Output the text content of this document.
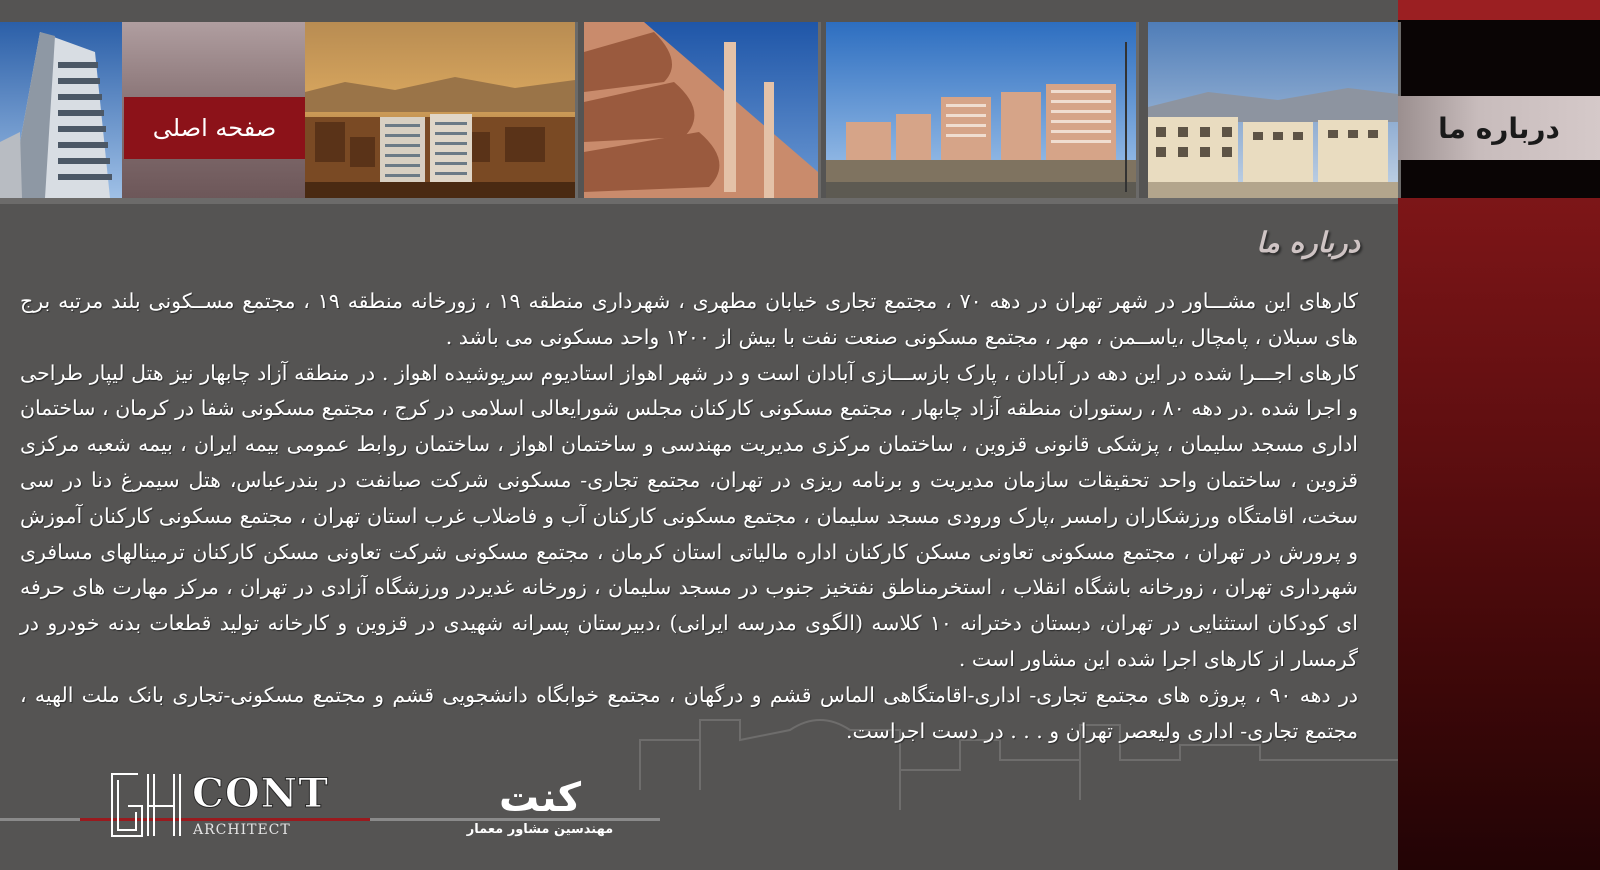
صفحه اصلی	درباره ما
درباره ما

کارهای این مشـــاور در شهر تهران در دهه ۷۰ ، مجتمع تجاری خیابان مطهری ، شهرداری منطقه ۱۹ ، زورخانه منطقه ۱۹ ، مجتمع مســکونی بلند مرتبه برج های سبلان ، پامچال ،یاســمن ، مهر ، مجتمع مسکونی صنعت نفت با بیش از ۱۲۰۰ واحد مسکونی می باشد .

کارهای اجـــرا شده در این دهه در آبادان ، پارک بازســـازی آبادان است و در شهر اهواز استادیوم سرپوشیده اهواز . در منطقه آزاد چابهار نیز هتل لیپار طراحی و اجرا شده .در دهه ۸۰ ، رستوران منطقه آزاد چابهار ، مجتمع مسکونی کارکنان مجلس شورایعالی اسلامی در کرج ، مجتمع مسکونی شفا در کرمان ، ساختمان اداری مسجد سلیمان ، پزشکی قانونی قزوین ، ساختمان مرکزی مدیریت مهندسی و ساختمان اهواز ، ساختمان روابط عمومی بیمه ایران ، بیمه شعبه مرکزی قزوین ، ساختمان واحد تحقیقات سازمان مدیریت و برنامه ریزی در تهران، مجتمع تجاری- مسکونی شرکت صبانفت در بندرعباس، هتل سیمرغ دنا در سی سخت، اقامتگاه ورزشکاران رامسر ،پارک ورودی مسجد سلیمان ، مجتمع مسکونی کارکنان آب و فاضلاب غرب استان تهران ، مجتمع مسکونی کارکنان آموزش و پرورش در تهران ، مجتمع مسکونی تعاونی مسکن کارکنان اداره مالیاتی استان کرمان ، مجتمع مسکونی شرکت تعاونی مسکن کارکنان ترمینالهای مسافری شهرداری تهران ، زورخانه باشگاه انقلاب ، استخرمناطق نفتخیز جنوب در مسجد سلیمان ، زورخانه غدیردر ورزشگاه آزادی در تهران ، مرکز مهارت های حرفه ای کودکان استثنایی در تهران، دبستان دخترانه ۱۰ کلاسه (الگوی مدرسه ایرانی) ،دبیرستان پسرانه شهیدی در قزوین و کارخانه تولید قطعات بدنه خودرو در گرمسار از کارهای اجرا شده این مشاور است .

در دهه ۹۰ ، پروژه های مجتمع تجاری- اداری-اقامتگاهی الماس قشم و درگهان ، مجتمع خوابگاه دانشجویی قشم و مجتمع مسکونی-تجاری بانک ملت الهیه ، مجتمع تجاری- اداری ولیعصر تهران و . . . در دست اجراست.

GH
CONT
ARCHITECT
کنت
مهندسین مشاور معمار
